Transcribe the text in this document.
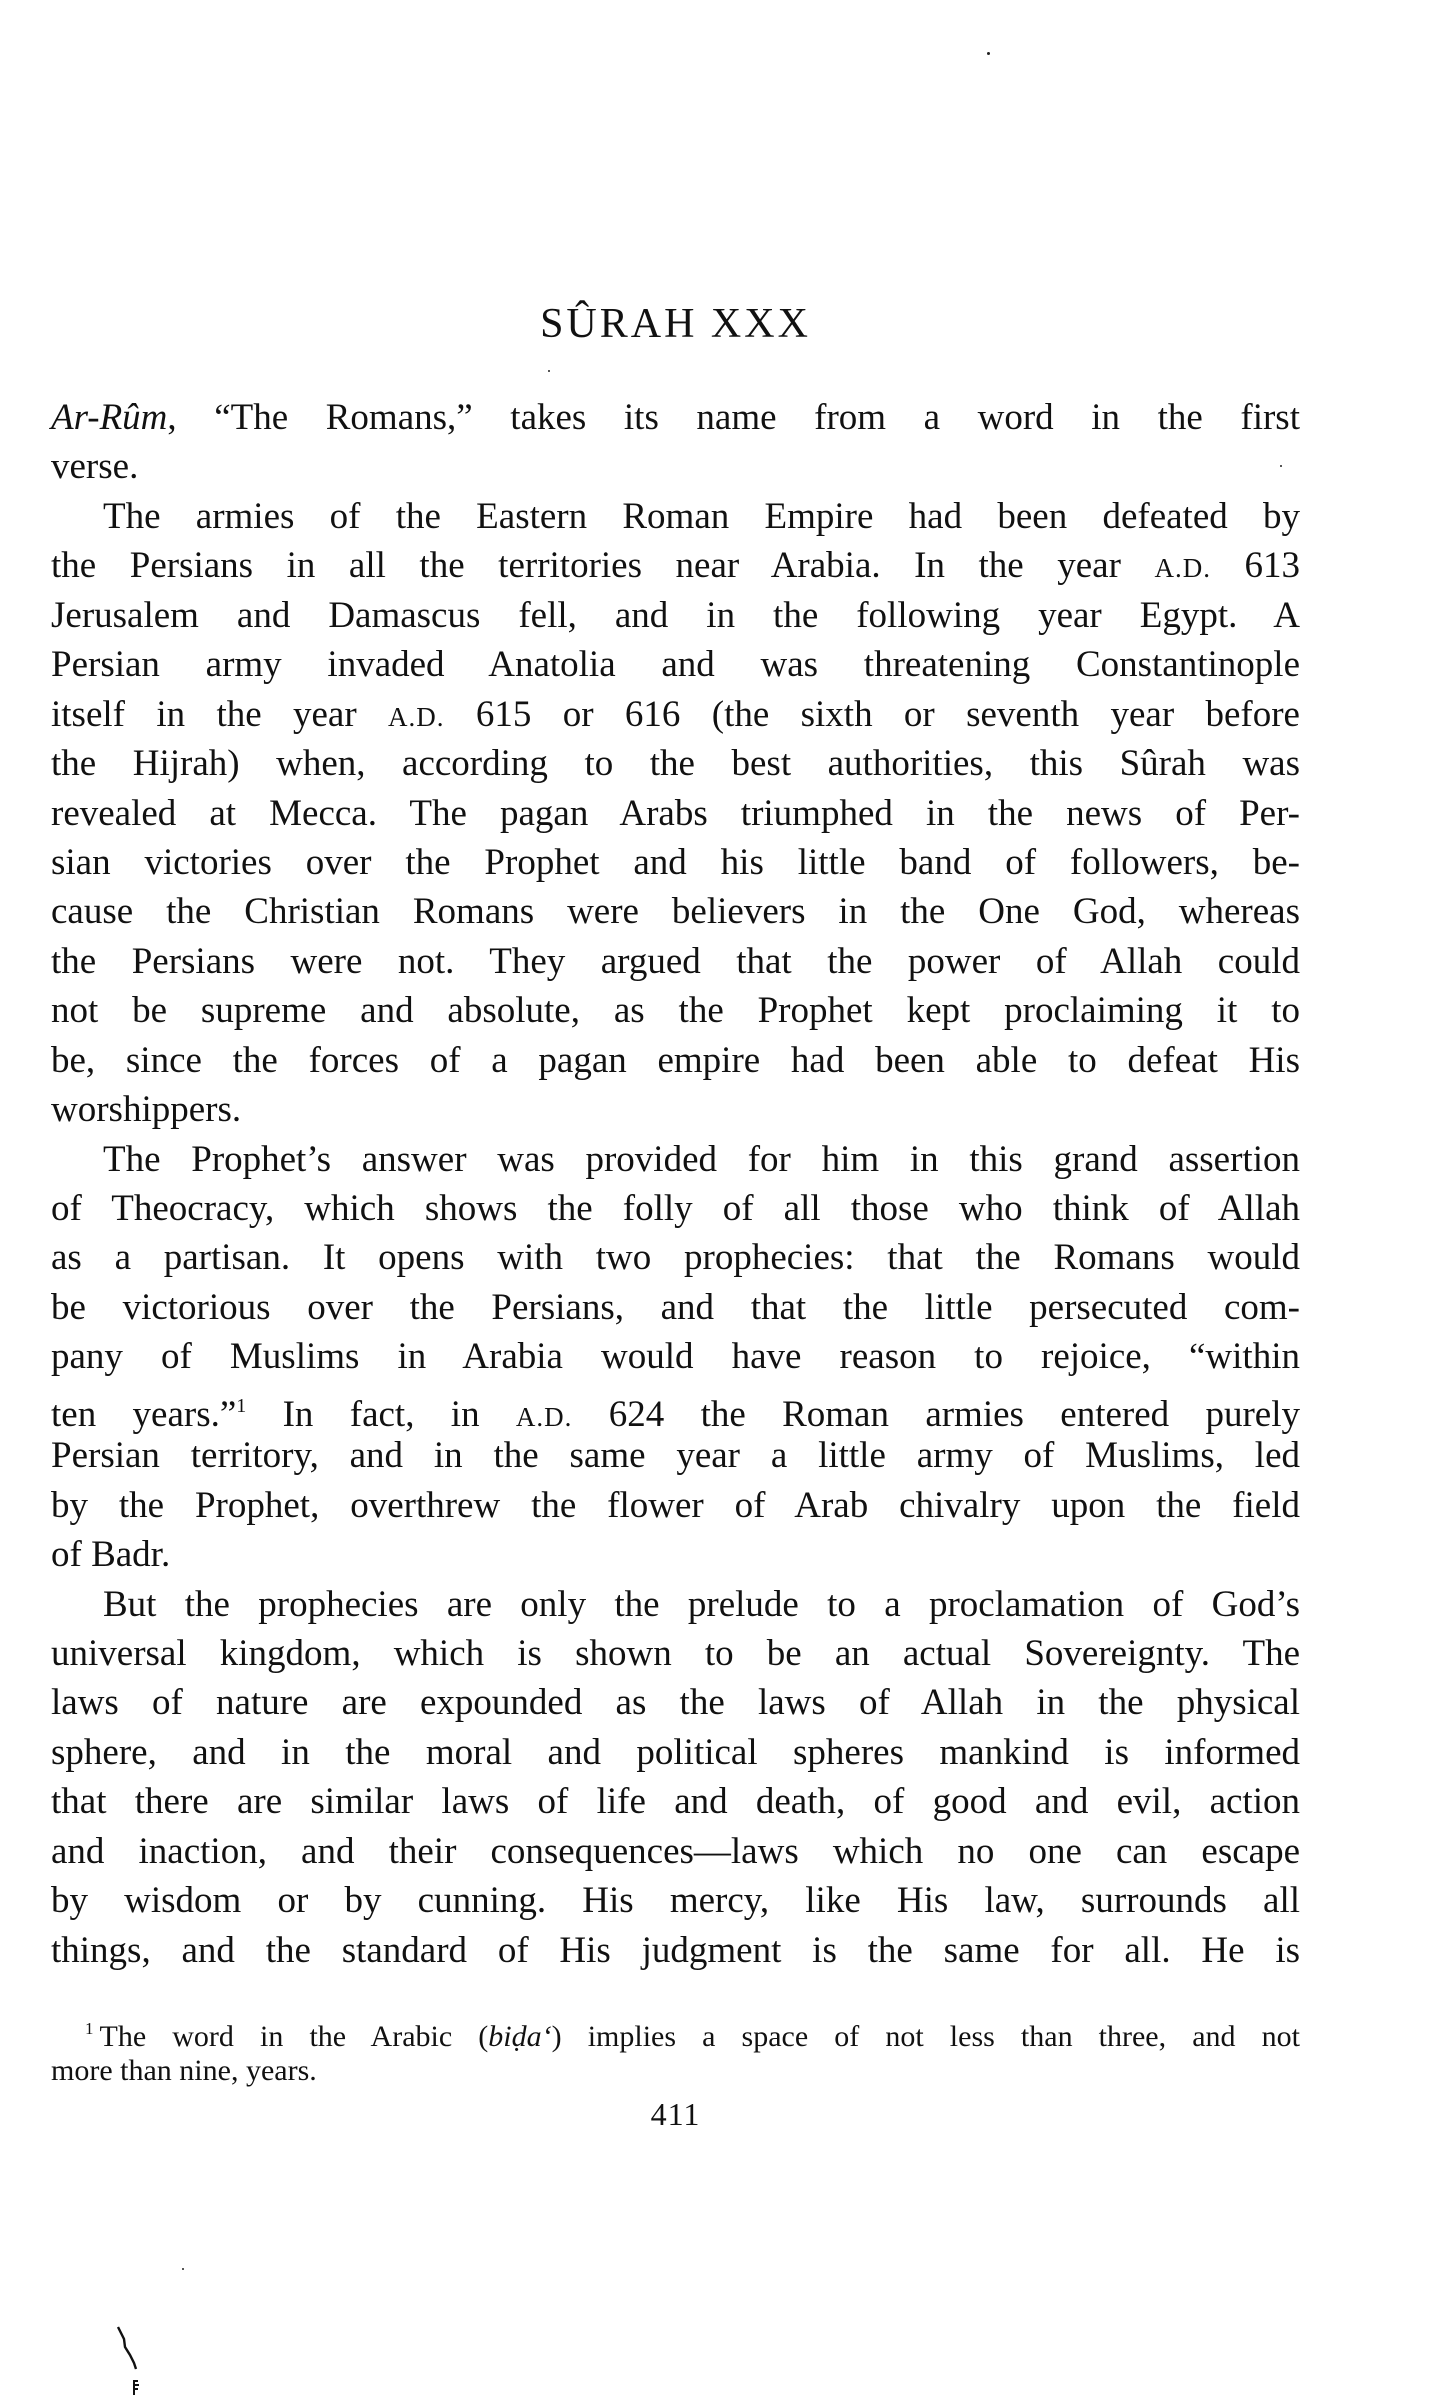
SÛRAH XXX
Ar-Rûm, “The Romans,” takes its name from a word in the first
verse.
The armies of the Eastern Roman Empire had been defeated by
the Persians in all the territories near Arabia. In the year A.D. 613
Jerusalem and Damascus fell, and in the following year Egypt. A
Persian army invaded Anatolia and was threatening Constantinople
itself in the year A.D. 615 or 616 (the sixth or seventh year before
the Hijrah) when, according to the best authorities, this Sûrah was
revealed at Mecca. The pagan Arabs triumphed in the news of Per-
sian victories over the Prophet and his little band of followers, be-
cause the Christian Romans were believers in the One God, whereas
the Persians were not. They argued that the power of Allah could
not be supreme and absolute, as the Prophet kept proclaiming it to
be, since the forces of a pagan empire had been able to defeat His
worshippers.
The Prophet’s answer was provided for him in this grand assertion
of Theocracy, which shows the folly of all those who think of Allah
as a partisan. It opens with two prophecies: that the Romans would
be victorious over the Persians, and that the little persecuted com-
pany of Muslims in Arabia would have reason to rejoice, “within
ten years.”$^1$ In fact, in A.D. 624 the Roman armies entered purely
Persian territory, and in the same year a little army of Muslims, led
by the Prophet, overthrew the flower of Arab chivalry upon the field
of Badr.
But the prophecies are only the prelude to a proclamation of God’s
universal kingdom, which is shown to be an actual Sovereignty. The
laws of nature are expounded as the laws of Allah in the physical
sphere, and in the moral and political spheres mankind is informed
that there are similar laws of life and death, of good and evil, action
and inaction, and their consequences—laws which no one can escape
by wisdom or by cunning. His mercy, like His law, surrounds all
things, and the standard of His judgment is the same for all. He is
$^1$ The word in the Arabic (biḍa‘) implies a space of not less than three, and not
more than nine, years.
411
